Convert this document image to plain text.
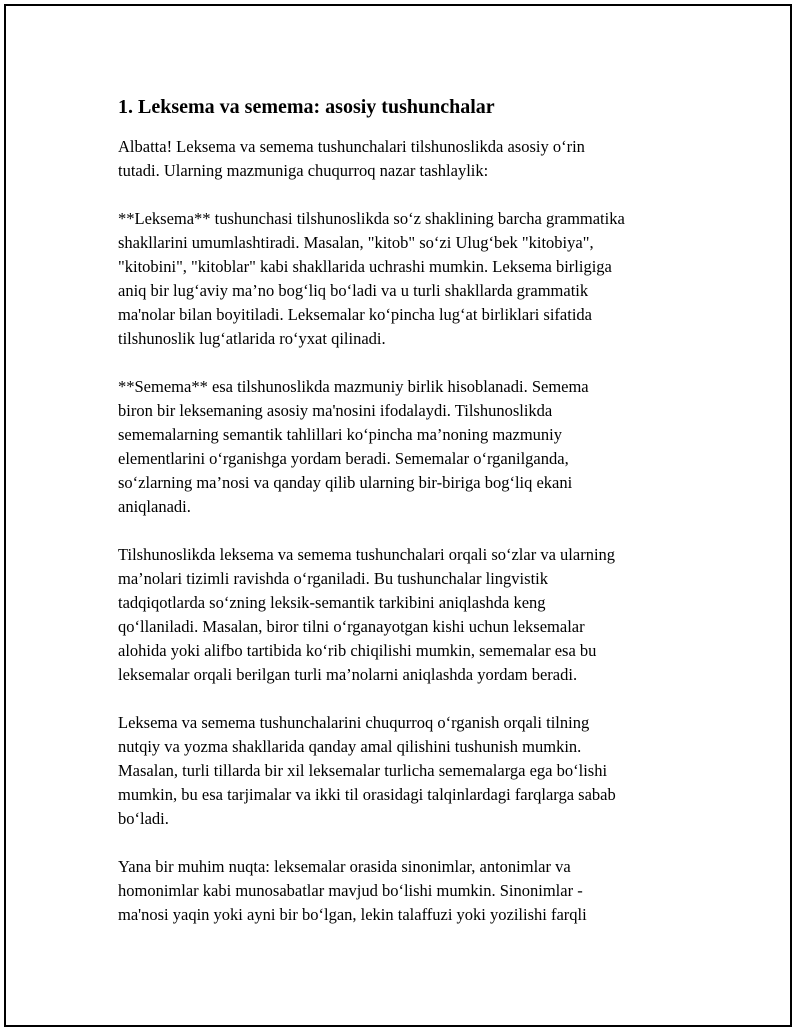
1. Leksema va semema: asosiy tushunchalar

Albatta! Leksema va semema tushunchalari tilshunoslikda asosiy o‘rin
tutadi. Ularning mazmuniga chuqurroq nazar tashlaylik:

**Leksema** tushunchasi tilshunoslikda so‘z shaklining barcha grammatika
shakllarini umumlashtiradi. Masalan, "kitob" so‘zi Ulug‘bek "kitobiya",
"kitobini", "kitoblar" kabi shakllarida uchrashi mumkin. Leksema birligiga
aniq bir lug‘aviy ma’no bog‘liq bo‘ladi va u turli shakllarda grammatik
ma'nolar bilan boyitiladi. Leksemalar ko‘pincha lug‘at birliklari sifatida
tilshunoslik lug‘atlarida ro‘yxat qilinadi.

**Semema** esa tilshunoslikda mazmuniy birlik hisoblanadi. Semema
biron bir leksemaning asosiy ma'nosini ifodalaydi. Tilshunoslikda
sememalarning semantik tahlillari ko‘pincha ma’noning mazmuniy
elementlarini o‘rganishga yordam beradi. Sememalar o‘rganilganda,
so‘zlarning ma’nosi va qanday qilib ularning bir-biriga bog‘liq ekani
aniqlanadi.

Tilshunoslikda leksema va semema tushunchalari orqali so‘zlar va ularning
ma’nolari tizimli ravishda o‘rganiladi. Bu tushunchalar lingvistik
tadqiqotlarda so‘zning leksik-semantik tarkibini aniqlashda keng
qo‘llaniladi. Masalan, biror tilni o‘rganayotgan kishi uchun leksemalar
alohida yoki alifbo tartibida ko‘rib chiqilishi mumkin, sememalar esa bu
leksemalar orqali berilgan turli ma’nolarni aniqlashda yordam beradi.

Leksema va semema tushunchalarini chuqurroq o‘rganish orqali tilning
nutqiy va yozma shakllarida qanday amal qilishini tushunish mumkin.
Masalan, turli tillarda bir xil leksemalar turlicha sememalarga ega bo‘lishi
mumkin, bu esa tarjimalar va ikki til orasidagi talqinlardagi farqlarga sabab
bo‘ladi.

Yana bir muhim nuqta: leksemalar orasida sinonimlar, antonimlar va
homonimlar kabi munosabatlar mavjud bo‘lishi mumkin. Sinonimlar -
ma'nosi yaqin yoki ayni bir bo‘lgan, lekin talaffuzi yoki yozilishi farqli
